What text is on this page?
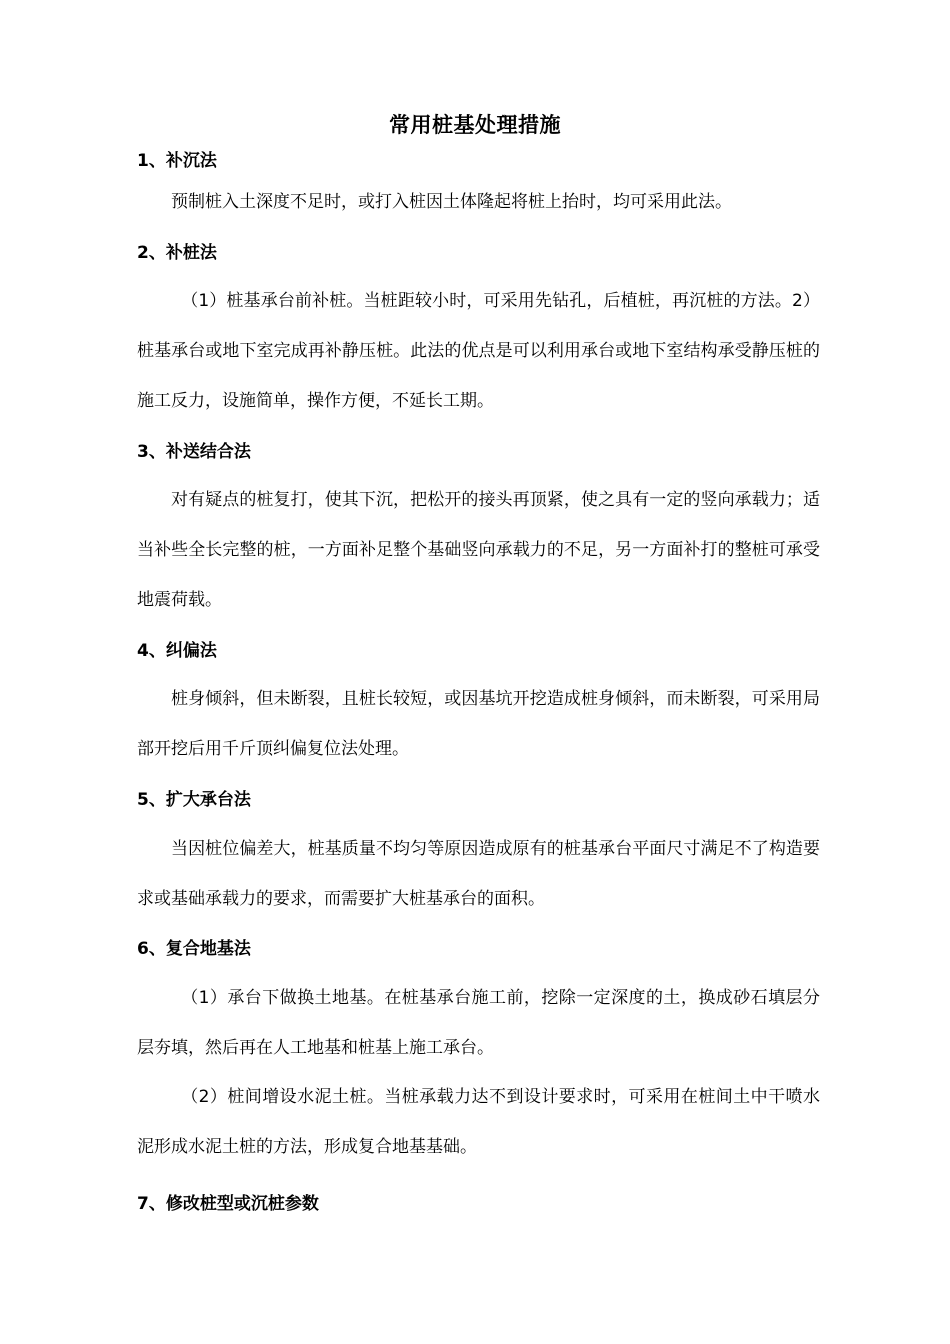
常用桩基处理措施
1、补沉法

预制桩入土深度不足时，或打入桩因土体隆起将桩上抬时，均可采用此法。

2、补桩法

（1）桩基承台前补桩。当桩距较小时，可采用先钻孔，后植桩，再沉桩的方法。2）桩基承台或地下室完成再补静压桩。此法的优点是可以利用承台或地下室结构承受静压桩的施工反力，设施简单，操作方便，不延长工期。

3、补送结合法

对有疑点的桩复打，使其下沉，把松开的接头再顶紧，使之具有一定的竖向承载力；适当补些全长完整的桩，一方面补足整个基础竖向承载力的不足，另一方面补打的整桩可承受地震荷载。

4、纠偏法

桩身倾斜，但未断裂，且桩长较短，或因基坑开挖造成桩身倾斜，而未断裂，可采用局部开挖后用千斤顶纠偏复位法处理。

5、扩大承台法

当因桩位偏差大，桩基质量不均匀等原因造成原有的桩基承台平面尺寸满足不了构造要求或基础承载力的要求，而需要扩大桩基承台的面积。

6、复合地基法

（1）承台下做换土地基。在桩基承台施工前，挖除一定深度的土，换成砂石填层分层夯填，然后再在人工地基和桩基上施工承台。

（2）桩间增设水泥土桩。当桩承载力达不到设计要求时，可采用在桩间土中干喷水泥形成水泥土桩的方法，形成复合地基基础。

7、修改桩型或沉桩参数
